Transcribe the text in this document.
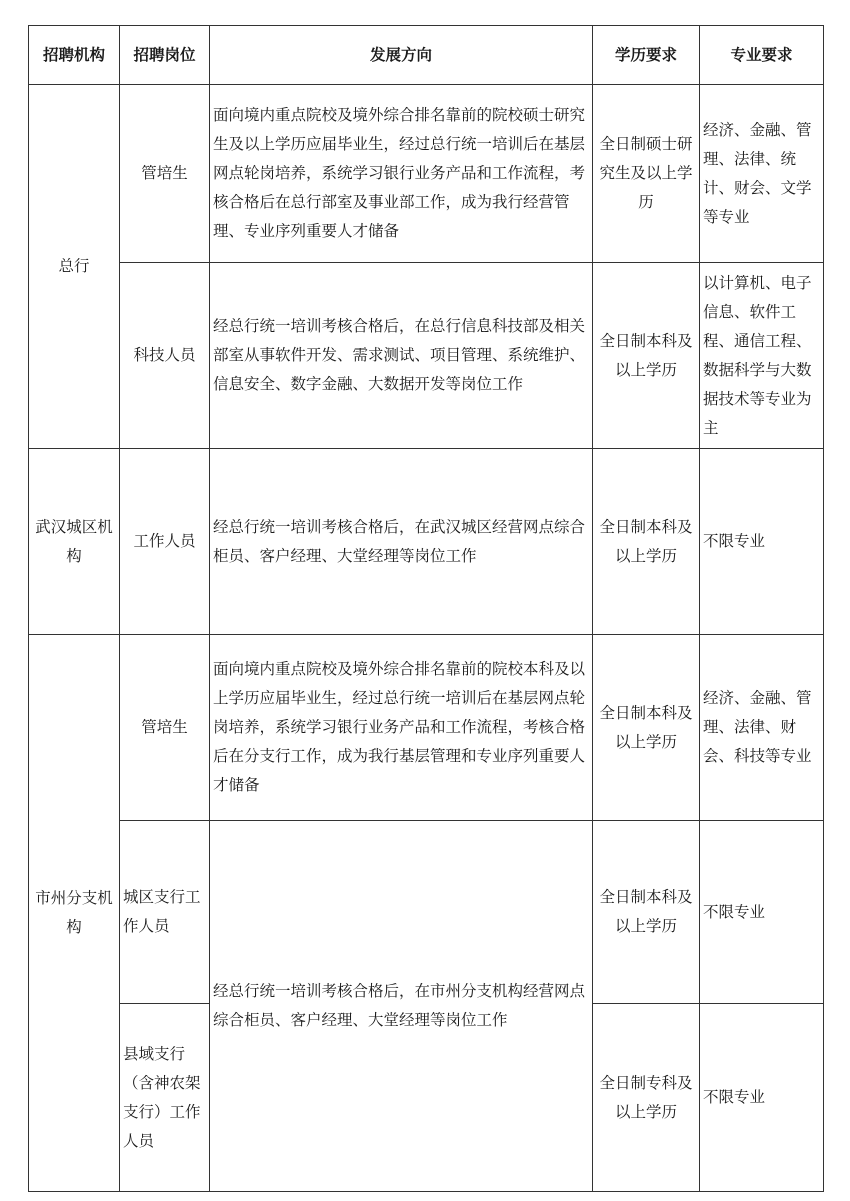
招聘机构	招聘岗位	发展方向	学历要求	专业要求
总行	管培生	面向境内重点院校及境外综合排名靠前的院校硕士研究生及以上学历应届毕业生，经过总行统一培训后在基层网点轮岗培养，系统学习银行业务产品和工作流程，考核合格后在总行部室及事业部工作，成为我行经营管理、专业序列重要人才储备	全日制硕士研究生及以上学历	经济、金融、管理、法律、统计、财会、文学等专业
	科技人员	经总行统一培训考核合格后，在总行信息科技部及相关部室从事软件开发、需求测试、项目管理、系统维护、信息安全、数字金融、大数据开发等岗位工作	全日制本科及以上学历	以计算机、电子信息、软件工程、通信工程、数据科学与大数据技术等专业为主
武汉城区机构	工作人员	经总行统一培训考核合格后，在武汉城区经营网点综合柜员、客户经理、大堂经理等岗位工作	全日制本科及以上学历	不限专业
市州分支机构	管培生	面向境内重点院校及境外综合排名靠前的院校本科及以上学历应届毕业生，经过总行统一培训后在基层网点轮岗培养，系统学习银行业务产品和工作流程，考核合格后在分支行工作，成为我行基层管理和专业序列重要人才储备	全日制本科及以上学历	经济、金融、管理、法律、财会、科技等专业
	城区支行工作人员	经总行统一培训考核合格后，在市州分支机构经营网点综合柜员、客户经理、大堂经理等岗位工作	全日制本科及以上学历	不限专业
	县域支行（含神农架支行）工作人员		全日制专科及以上学历	不限专业
